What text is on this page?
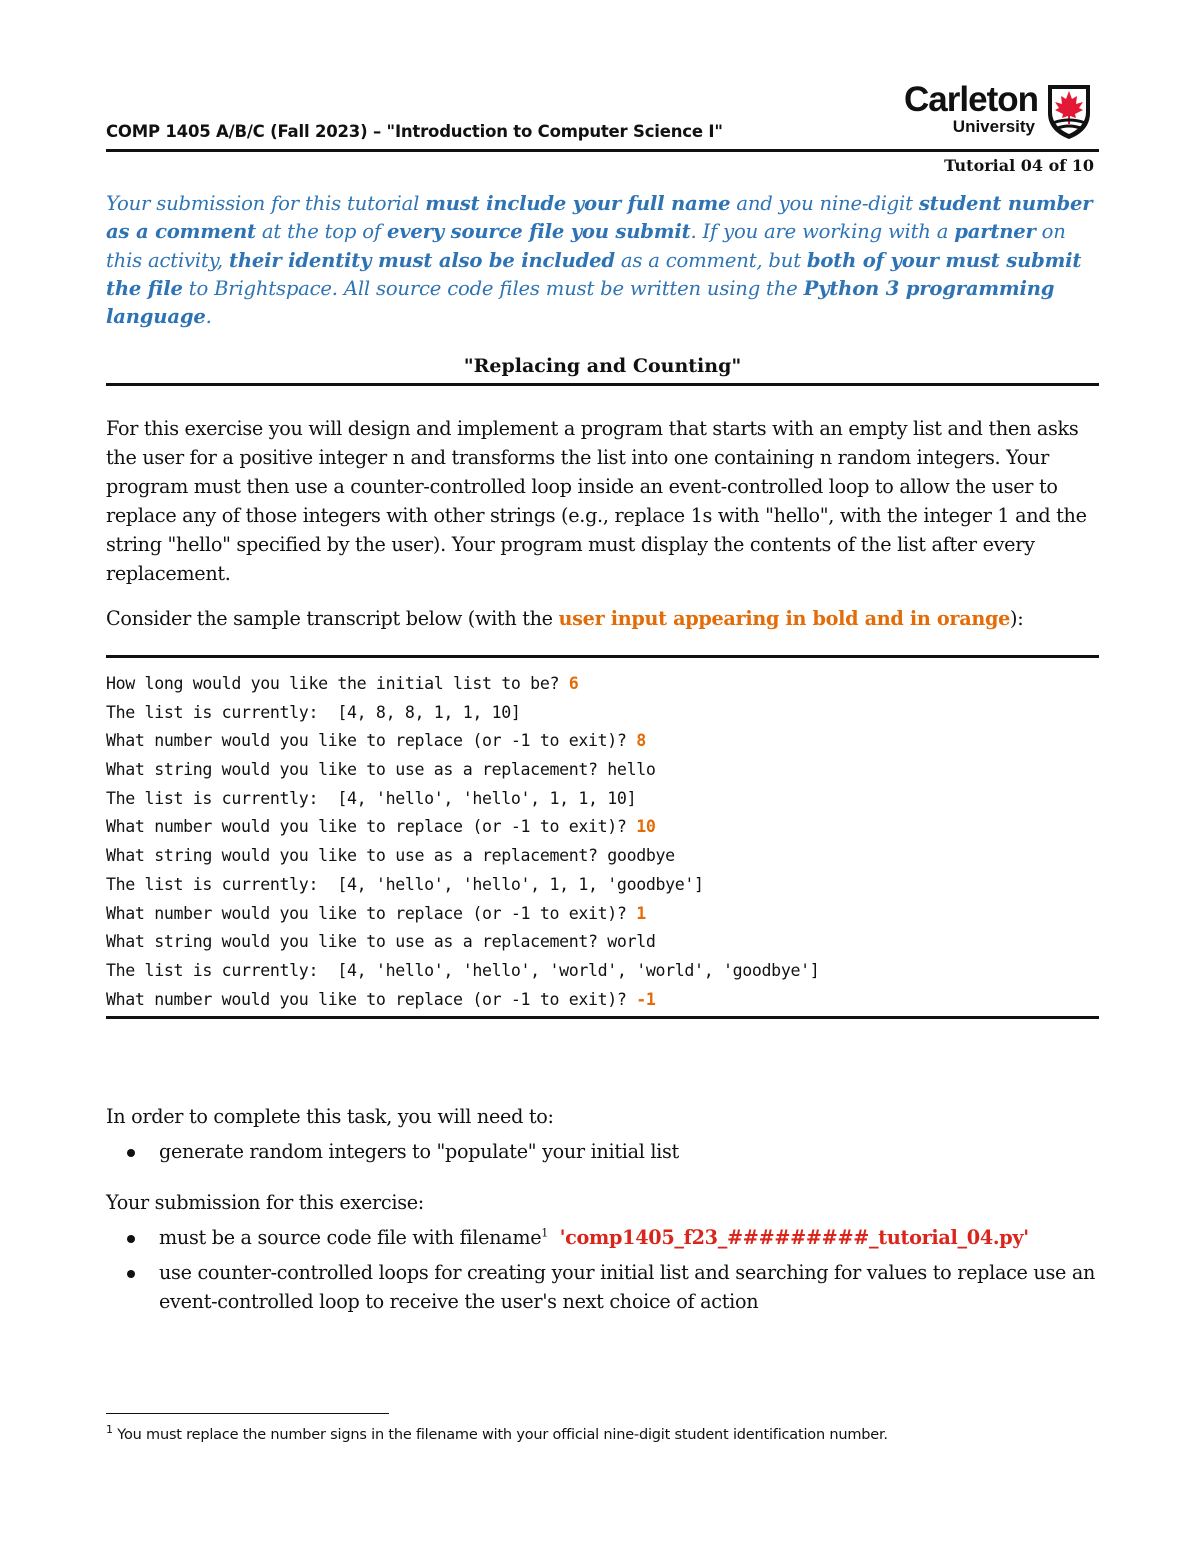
COMP 1405 A/B/C (Fall 2023) – "Introduction to Computer Science I"
Carleton
University
Tutorial 04 of 10
Your submission for this tutorial must include your full name and you nine-digit student number as a comment at the top of every source file you submit. If you are working with a partner on this activity, their identity must also be included as a comment, but both of your must submit the file to Brightspace. All source code files must be written using the Python 3 programming language.
"Replacing and Counting"
For this exercise you will design and implement a program that starts with an empty list and then asks the user for a positive integer n and transforms the list into one containing n random integers. Your program must then use a counter-controlled loop inside an event-controlled loop to allow the user to replace any of those integers with other strings (e.g., replace 1s with "hello", with the integer 1 and the string "hello" specified by the user). Your program must display the contents of the list after every replacement.
Consider the sample transcript below (with the user input appearing in bold and in orange):
How long would you like the initial list to be? 6
The list is currently:  [4, 8, 8, 1, 1, 10]
What number would you like to replace (or -1 to exit)? 8
What string would you like to use as a replacement? hello
The list is currently:  [4, 'hello', 'hello', 1, 1, 10]
What number would you like to replace (or -1 to exit)? 10
What string would you like to use as a replacement? goodbye
The list is currently:  [4, 'hello', 'hello', 1, 1, 'goodbye']
What number would you like to replace (or -1 to exit)? 1
What string would you like to use as a replacement? world
The list is currently:  [4, 'hello', 'hello', 'world', 'world', 'goodbye']
What number would you like to replace (or -1 to exit)? -1
In order to complete this task, you will need to:
generate random integers to "populate" your initial list
Your submission for this exercise:
must be a source code file with filename$^1$ 'comp1405_f23_#########_tutorial_04.py'
use counter-controlled loops for creating your initial list and searching for values to replace use an event-controlled loop to receive the user's next choice of action
$^1$ You must replace the number signs in the filename with your official nine-digit student identification number.
